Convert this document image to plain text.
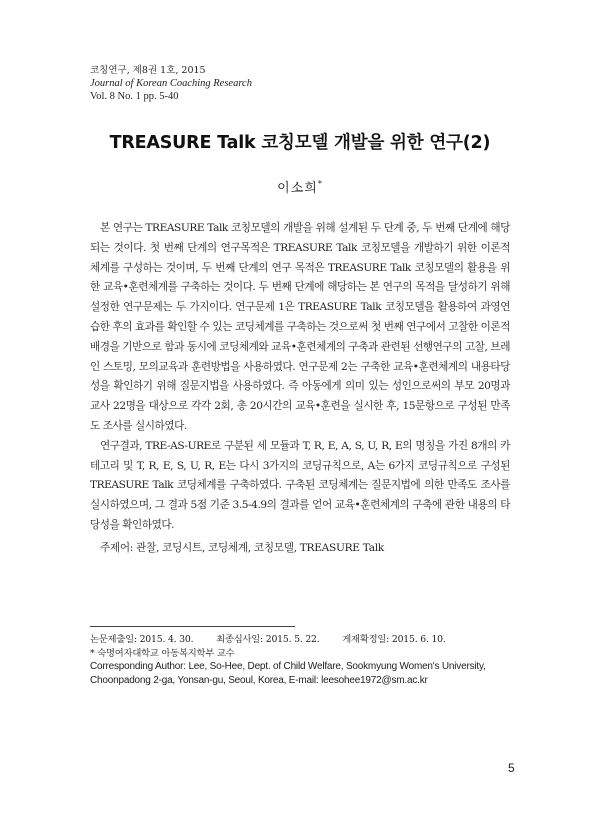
코칭연구, 제8권 1호, 2015
Journal of Korean Coaching Research
Vol. 8 No. 1 pp. 5-40
TREASURE Talk 코칭모델 개발을 위한 연구(2)
이소희*

본 연구는 TREASURE Talk 코칭모델의 개발을 위해 설계된 두 단계 중, 두 번째 단계에 해당되는 것이다. 첫 번째 단계의 연구목적은 TREASURE Talk 코칭모델을 개발하기 위한 이론적 체계를 구성하는 것이며, 두 번째 단계의 연구 목적은 TREASURE Talk 코칭모델의 활용을 위한 교육•훈련체계를 구축하는 것이다. 두 번째 단계에 해당하는 본 연구의 목적을 달성하기 위해 설정한 연구문제는 두 가지이다. 연구문제 1은 TREASURE Talk 코칭모델을 활용하여 과영연습한 후의 효과를 확인할 수 있는 코딩체계를 구축하는 것으로써 첫 번째 연구에서 고찰한 이론적 배경을 기반으로 함과 동시에 코딩체계와 교육•훈련체계의 구축과 관련된 선행연구의 고찰, 브레인 스토밍, 모의교육과 훈련방법을 사용하였다. 연구문제 2는 구축한 교육•훈련체계의 내용타당성을 확인하기 위해 질문지법을 사용하였다. 즉 아동에게 의미 있는 성인으로써의 부모 20명과 교사 22명을 대상으로 각각 2회, 총 20시간의 교육•훈련을 실시한 후, 15문항으로 구성된 만족도 조사를 실시하였다.

연구결과, TRE-AS-URE로 구분된 세 모듈과 T, R, E, A, S, U, R, E의 명칭을 가진 8개의 카테고리 및 T, R, E, S, U, R, E는 다시 3가지의 코딩규칙으로, A는 6가지 코딩규칙으로 구성된 TREASURE Talk 코딩체계를 구축하였다. 구축된 코딩체계는 질문지법에 의한 만족도 조사를 실시하였으며, 그 결과 5점 기준 3.5-4.9의 결과를 얻어 교육•훈련체계의 구축에 관한 내용의 타당성을 확인하였다.

주제어: 관찰, 코딩시트, 코딩체계, 코칭모델, TREASURE Talk
논문제출일: 2015. 4. 30. 최종심사일: 2015. 5. 22. 게재확정일: 2015. 6. 10.
* 숙명여자대학교 아동복지학부 교수
Corresponding Author: Lee, So-Hee, Dept. of Child Welfare, Sookmyung Women's University, Choonpadong 2-ga, Yonsan-gu, Seoul, Korea, E-mail: leesohee1972@sm.ac.kr
5
